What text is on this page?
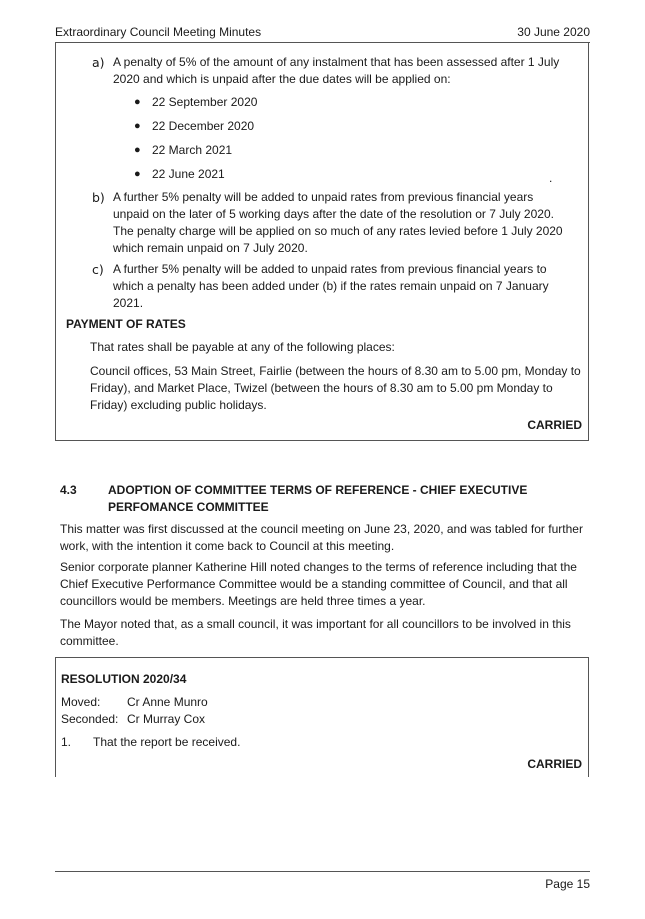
Extraordinary Council Meeting Minutes	30 June 2020
a) A penalty of 5% of the amount of any instalment that has been assessed after 1 July 2020 and which is unpaid after the due dates will be applied on:
● 22 September 2020
● 22 December 2020
● 22 March 2021
● 22 June 2021	.
b) A further 5% penalty will be added to unpaid rates from previous financial years unpaid on the later of 5 working days after the date of the resolution or 7 July 2020. The penalty charge will be applied on so much of any rates levied before 1 July 2020 which remain unpaid on 7 July 2020.
c) A further 5% penalty will be added to unpaid rates from previous financial years to which a penalty has been added under (b) if the rates remain unpaid on 7 January 2021.
PAYMENT OF RATES
That rates shall be payable at any of the following places:
Council offices, 53 Main Street, Fairlie (between the hours of 8.30 am to 5.00 pm, Monday to Friday), and Market Place, Twizel (between the hours of 8.30 am to 5.00 pm Monday to Friday) excluding public holidays.
CARRIED
4.3	ADOPTION OF COMMITTEE TERMS OF REFERENCE - CHIEF EXECUTIVE PERFOMANCE COMMITTEE
This matter was first discussed at the council meeting on June 23, 2020, and was tabled for further work, with the intention it come back to Council at this meeting.
Senior corporate planner Katherine Hill noted changes to the terms of reference including that the Chief Executive Performance Committee would be a standing committee of Council, and that all councillors would be members. Meetings are held three times a year.
The Mayor noted that, as a small council, it was important for all councillors to be involved in this committee.
RESOLUTION 2020/34
Moved: Cr Anne Munro
Seconded: Cr Murray Cox
1. That the report be received.
CARRIED
Page 15
